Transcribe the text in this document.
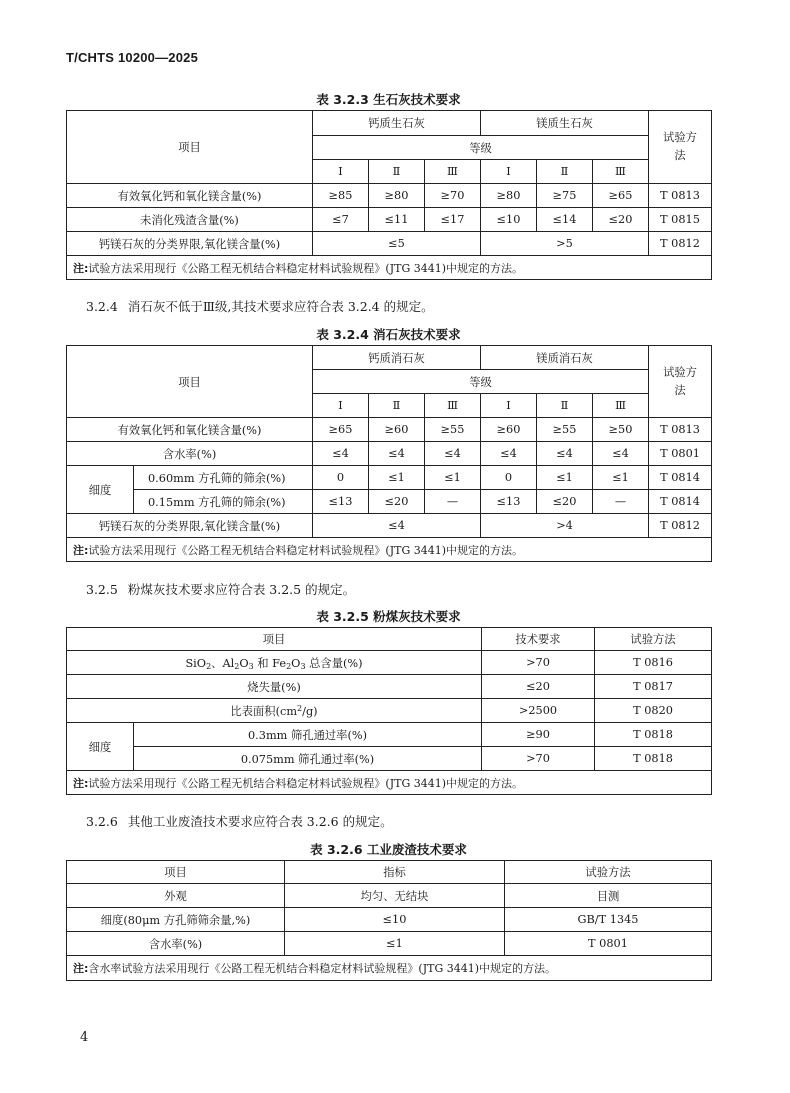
T/CHTS 10200—2025
表 3.2.3 生石灰技术要求
项目	钙质生石灰			镁质生石灰			试验方法
	等级						
	Ⅰ	Ⅱ	Ⅲ	Ⅰ	Ⅱ	Ⅲ	
有效氧化钙和氧化镁含量(%)	≥85	≥80	≥70	≥80	≥75	≥65	T 0813
未消化残渣含量(%)	≤7	≤11	≤17	≤10	≤14	≤20	T 0815
钙镁石灰的分类界限,氧化镁含量(%)	≤5			>5			T 0812
注:试验方法采用现行《公路工程无机结合料稳定材料试验规程》(JTG 3441)中规定的方法。							
3.2.4 消石灰不低于Ⅲ级,其技术要求应符合表 3.2.4 的规定。
表 3.2.4 消石灰技术要求
项目		钙质消石灰			镁质消石灰			试验方法
		等级						
		Ⅰ	Ⅱ	Ⅲ	Ⅰ	Ⅱ	Ⅲ	
有效氧化钙和氧化镁含量(%)		≥65	≥60	≥55	≥60	≥55	≥50	T 0813
含水率(%)		≤4	≤4	≤4	≤4	≤4	≤4	T 0801
细度	0.60mm 方孔筛的筛余(%)	0	≤1	≤1	0	≤1	≤1	T 0814
	0.15mm 方孔筛的筛余(%)	≤13	≤20	—	≤13	≤20	—	T 0814
钙镁石灰的分类界限,氧化镁含量(%)		≤4			>4			T 0812
注:试验方法采用现行《公路工程无机结合料稳定材料试验规程》(JTG 3441)中规定的方法。								
3.2.5 粉煤灰技术要求应符合表 3.2.5 的规定。
表 3.2.5 粉煤灰技术要求
项目		技术要求	试验方法
SiO$_2$、$Al_2O_3$ 和 $Fe_2O_3$ 总含量(%)		>70	T 0816
烧失量(%)		≤20	T 0817
比表面积$(cm^2/g)$		>2500	T 0820
细度	0.3mm 筛孔通过率(%)	≥90	T 0818
	0.075mm 筛孔通过率(%)	>70	T 0818
注:试验方法采用现行《公路工程无机结合料稳定材料试验规程》(JTG 3441)中规定的方法。			
3.2.6 其他工业废渣技术要求应符合表 3.2.6 的规定。
表 3.2.6 工业废渣技术要求
项目	指标	试验方法
外观	均匀、无结块	目测
细度(80μm 方孔筛筛余量,%)	≤10	GB/T 1345
含水率(%)	≤1	T 0801
注:含水率试验方法采用现行《公路工程无机结合料稳定材料试验规程》(JTG 3441)中规定的方法。		
4
